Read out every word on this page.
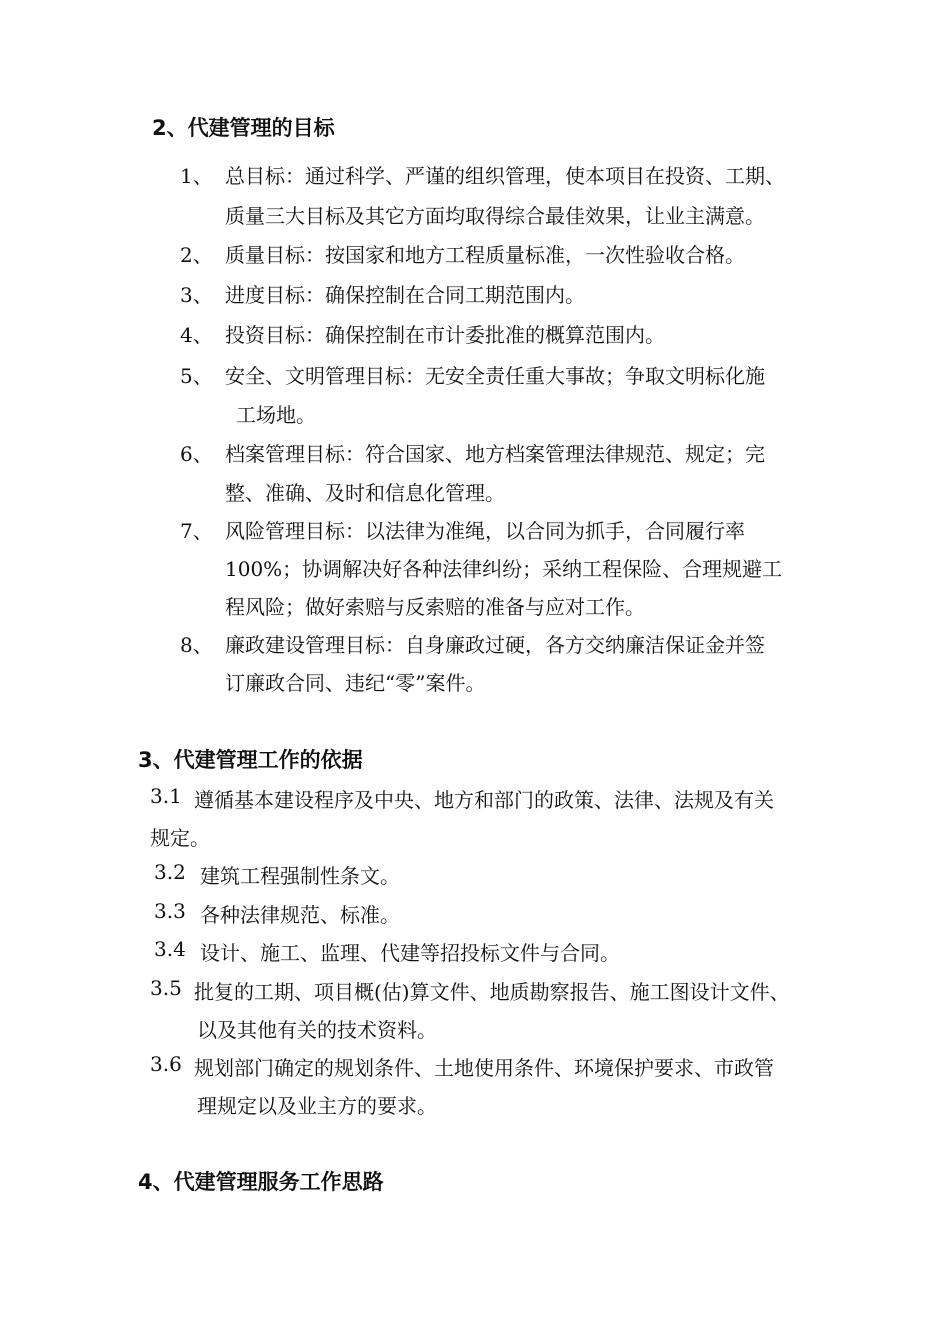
2、代建管理的目标
1、 总目标：通过科学、严谨的组织管理，使本项目在投资、工期、
质量三大目标及其它方面均取得综合最佳效果，让业主满意。
2、 质量目标：按国家和地方工程质量标准，一次性验收合格。
3、 进度目标：确保控制在合同工期范围内。
4、 投资目标：确保控制在市计委批准的概算范围内。
5、 安全、文明管理目标：无安全责任重大事故；争取文明标化施
工场地。
6、 档案管理目标：符合国家、地方档案管理法律规范、规定；完
整、准确、及时和信息化管理。
7、 风险管理目标：以法律为准绳，以合同为抓手，合同履行率
100%；协调解决好各种法律纠纷；采纳工程保险、合理规避工
程风险；做好索赔与反索赔的准备与应对工作。
8、 廉政建设管理目标：自身廉政过硬，各方交纳廉洁保证金并签
订廉政合同、违纪“零”案件。
3、代建管理工作的依据
3.1 遵循基本建设程序及中央、地方和部门的政策、法律、法规及有关
规定。
3.2 建筑工程强制性条文。
3.3 各种法律规范、标准。
3.4 设计、施工、监理、代建等招投标文件与合同。
3.5 批复的工期、项目概(估)算文件、地质勘察报告、施工图设计文件、
以及其他有关的技术资料。
3.6 规划部门确定的规划条件、土地使用条件、环境保护要求、市政管
理规定以及业主方的要求。
4、代建管理服务工作思路
